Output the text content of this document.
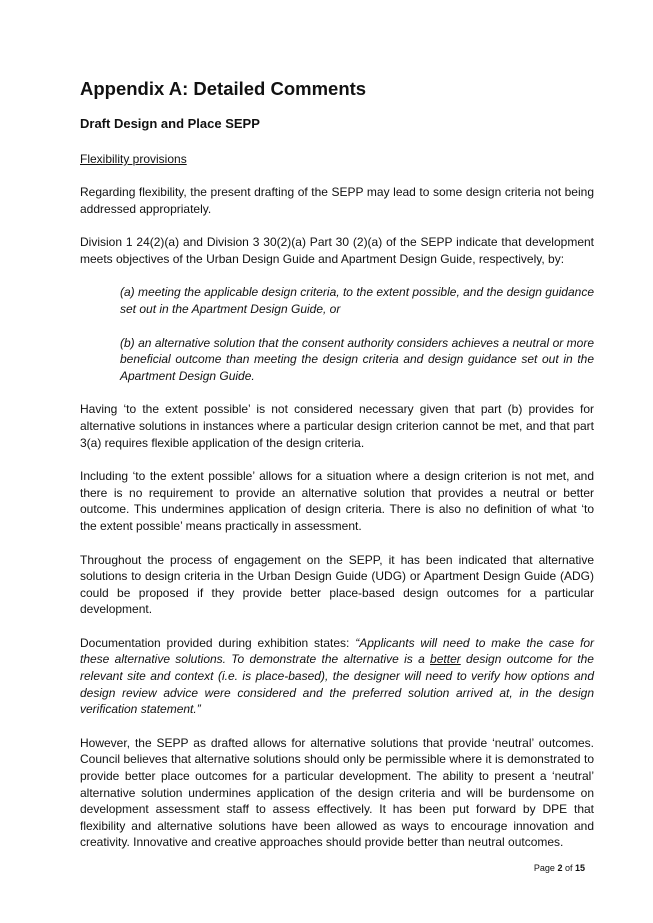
Appendix A: Detailed Comments
Draft Design and Place SEPP
Flexibility provisions

Regarding flexibility, the present drafting of the SEPP may lead to some design criteria not being addressed appropriately.

Division 1 24(2)(a) and Division 3 30(2)(a) Part 30 (2)(a) of the SEPP indicate that development meets objectives of the Urban Design Guide and Apartment Design Guide, respectively, by:

(a) meeting the applicable design criteria, to the extent possible, and the design guidance set out in the Apartment Design Guide, or

(b) an alternative solution that the consent authority considers achieves a neutral or more beneficial outcome than meeting the design criteria and design guidance set out in the Apartment Design Guide.

Having ‘to the extent possible’ is not considered necessary given that part (b) provides for alternative solutions in instances where a particular design criterion cannot be met, and that part 3(a) requires flexible application of the design criteria.

Including ‘to the extent possible’ allows for a situation where a design criterion is not met, and there is no requirement to provide an alternative solution that provides a neutral or better outcome. This undermines application of design criteria. There is also no definition of what ‘to the extent possible’ means practically in assessment.

Throughout the process of engagement on the SEPP, it has been indicated that alternative solutions to design criteria in the Urban Design Guide (UDG) or Apartment Design Guide (ADG) could be proposed if they provide better place-based design outcomes for a particular development.

Documentation provided during exhibition states: “Applicants will need to make the case for these alternative solutions. To demonstrate the alternative is a better design outcome for the relevant site and context (i.e. is place-based), the designer will need to verify how options and design review advice were considered and the preferred solution arrived at, in the design verification statement.”

However, the SEPP as drafted allows for alternative solutions that provide ‘neutral’ outcomes. Council believes that alternative solutions should only be permissible where it is demonstrated to provide better place outcomes for a particular development. The ability to present a ‘neutral’ alternative solution undermines application of the design criteria and will be burdensome on development assessment staff to assess effectively. It has been put forward by DPE that flexibility and alternative solutions have been allowed as ways to encourage innovation and creativity. Innovative and creative approaches should provide better than neutral outcomes.

Page 2 of 15
